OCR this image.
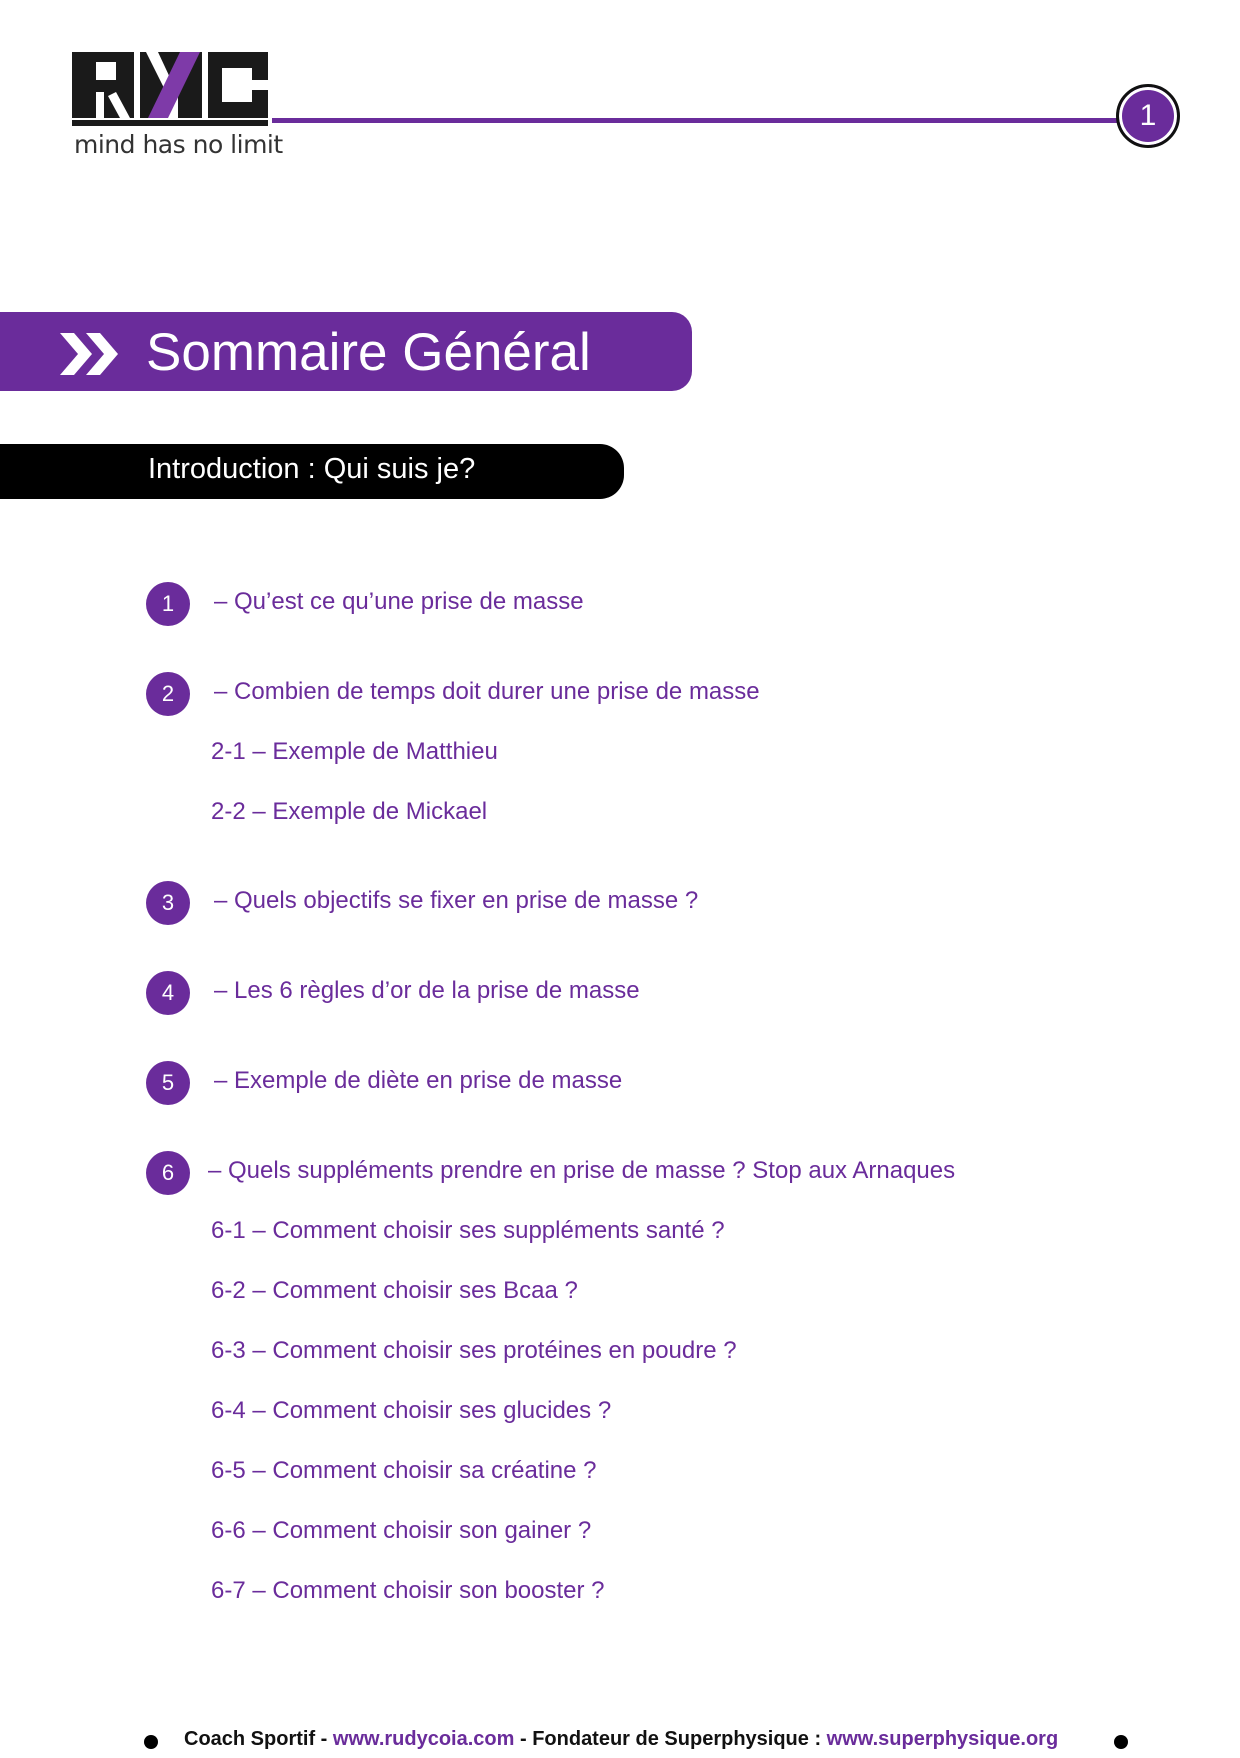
mind has no limit
1
Sommaire Général
Introduction : Qui suis je?
1	– Qu’est ce qu’une prise de masse
2	– Combien de temps doit durer une prise de masse
2-1 – Exemple de Matthieu
2-2 – Exemple de Mickael
3	– Quels objectifs se fixer en prise de masse ?
4	– Les 6 règles d’or de la prise de masse
5	– Exemple de diète en prise de masse
6	– Quels suppléments prendre en prise de masse ? Stop aux Arnaques
6-1 – Comment choisir ses suppléments santé ?
6-2 – Comment choisir ses Bcaa ?
6-3 – Comment choisir ses protéines en poudre ?
6-4 – Comment choisir ses glucides ?
6-5 – Comment choisir sa créatine ?
6-6 – Comment choisir son gainer ?
6-7 – Comment choisir son booster ?
Coach Sportif - www.rudycoia.com - Fondateur de Superphysique : www.superphysique.org
